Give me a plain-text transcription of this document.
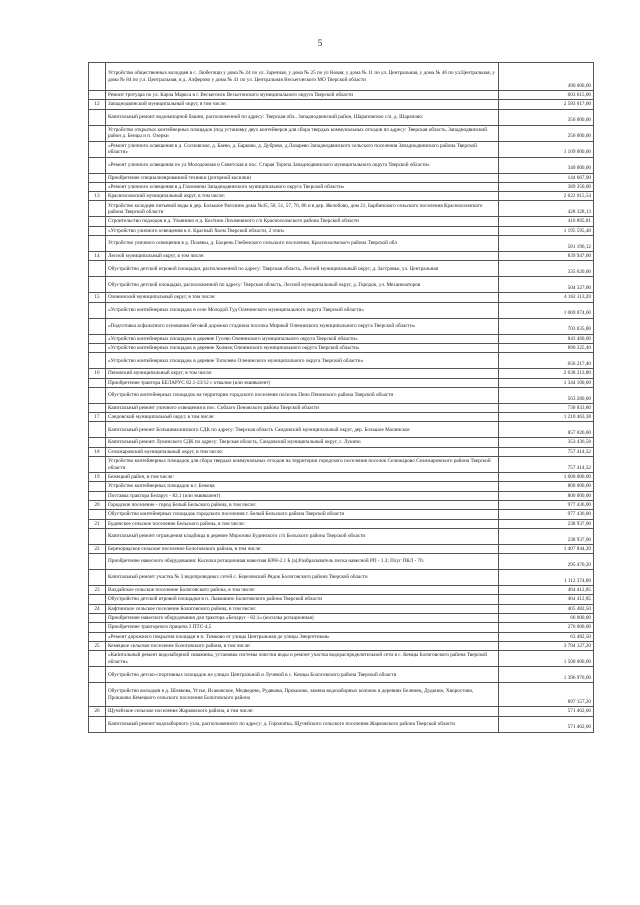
5
	Устройство общественных колодцев в с. Любегощи у дома № 24 по ул. Заречная, у дома № 25 по ул Новая, у дома № 11 по ул. Центральная, у дома № 46 по ул.Центральная, у дома № 84 по у.л. Центральная, в д. Алферово у дома № 41 по ул. Центральная Весьегонского МО Тверской области	490 000,00
	Ремонт тротуара по ул. Карла Маркса в г. Весьегонск Весьегонского муниципального округа Тверской области	603 615,00
12	Западнодвинский муниципальный округ, в том числе:	2 583 017,00
	Капитальный ремонт водонапорной башни, расположенной по адресу: Тверская обл., Западнодвинский район, Шараповское с/п, д. Шарапово:	350 000,00
	Устройство открытых контейнерных площадок (под установку двух контейнеров для сбора твердых коммунальных отходов по адресу: Тверская область, Западнодвинский район д. Бенцы и п. Озерки	250 000,00
	«Ремонт уличного освещения в д. Сосновское, д. Баево, д. Барково, д. Дуброво, д.Лазарево Западнодвинского сельского поселения Западнодвинского района Тверской области»	1 109 000,00
	«Ремонт уличного освещения по ул Молодежная и Советская в пос. Старая Торопа Западнодвинского муниципального округа Тверской области»	340 000,00
	Приобретение специализированной техники (роторной косилки)	144 667,00
	«Ремонт уличного освещения в д.Глазомичи Западнодвинского муниципального округа Тверской области»	389 350,00
13	Краснохолмский муниципальный округ, в том числе:	2 622 015,54
	Устройство колодцев питьевой воды в дер. Большое Рагозино дома №45, 50, 51, 57, 76, 86 и в дер. Желобово, дом 21, Барбинского сельского поселения Краснохолмского района Тверской области	428 328,13
	Строительство подходов в д. Ульянино и д. Костино Лихачевского с/п Краснохолмского района Тверской области	416 895,81
	«Устройство уличного освещения в п. Красный Холм Тверской области, 2 этап»	1 195 595,48
	Устройство уличного освещения в д. Поляны, д. Бахрень Глебенского сельского поселения, Краснохолмского района Тверской обл	581 196,12
14	Лесной муниципальный округ, в том числе:	839 947,00
	Обустройство детской игровой площадки, расположенной по адресу: Тверская область, Лесной муниципальный округ, д. Застровье, ул. Центральная	335 620,00
	Обустройство детской площадки, расположенной по адресу: Тверская область, Лесной муниципальный округ, д. Городок, ул. Механизаторов	504 327,00
15	Оленинский муниципальный округ, в том числе:	4 162 113,20
	«Устройство контейнерных площадок в селе Молодой Туд Оленинского муниципального округа Тверской области»	1 069 074,60
	«Подготовка асфальтного основания беговой дорожки стадиона поселка Мирный Оленинского муниципального округа Тверской области»	703 035,80
	«Устройство контейнерных площадок в деревне Гусево Оленинского муниципального округа Тверской области»	843 460,00
	«Устройство контейнерных площадок в деревне Холмец Оленинского муниципального округа Тверской области»	890 325,40
	«Устройство контейнерных площадок в деревне Тополево Оленинского муниципального округа Тверской области»	656 217,40
16	Пеновский муниципальный округ, в том числе:	2 638 213,80
	Приобретение трактора БЕЛАРУС 82.1-23/12 с отвалом (или эквивалент)	1 344 100,00
	Обустройство контейнерных площадок на территории городского поселения поселок Пено Пеновского района Тверской области	563 280,00
	Капитальный ремонт уличного освещения в пос. Соблаго Пеновского района Тверской области	730 833,80
17	Сандовский муниципальный округ, в том числе:	1 210 463,38
	Капитальный ремонт Большемалинского СДК по адресу: Тверская область Сандовский муниципальный округ, дер. Большое Малинское	857 026,80
	Капитальный ремонт Лукинского СДК по адресу: Тверская область, Сандовский муниципальный округ, с. Лукино	353 436,58
18	Селижаровский муниципальный округ, в том числе:	757 414,32
	Устройство контейнерных площадок для сбора твердых коммунальных отходов на территории городского поселения поселок Селижарово Селижаровского района Тверской области	757 414,32
19	Бежецкий район, в том числе:	1 600 000,00
	Устройство контейнерных площадок в г. Бежецк	800 000,00
	Поставка трактора Беларус - 82.1 (или эквивалент)	800 000,00
20	Городское поселение - город Белый Бельского района, в том числе:	977 436,00
	Обустройство контейнерных площадок городского поселения г. Белый Бельского района Тверской области	977 436,00
21	Будинское сельское поселение Бельского района, в том числе:	238 937,00
	Капитальный ремонт ограждения кладбища в деревне Морозово Будинского с/п Бельского района Тверской области	238 937,00
22	Березорядское сельское поселение Бологовского района, в том числе:	1 407 844,20
	Приобретение навесного оборудования: Косилка ротационная навесная КРН-2.1 Б (а);Разбрасыватель песка навесной РП - 1.3; Плуг ПКЛ - 70.	295 470,20
	Капитальный ремонт участка № 3 водопроводных сетей с. Березовский Рядок Бологовского района Тверской области	1 112 374,00
23	Валдайское сельское поселение Бологовского района, в том числе:	464 412,85
	Обустройство детской игровой площадки в п. Лыкошино Бологовского района Тверской области	464 412,85
24	Кафтинское сельское поселение Бологовского района, в том числе:	405 482,50
	Приобретение навесного оборудования для трактора «Беларус - 82.1» (косилка ротационная)	66 000,00
	Приобретение тракторного прицепа 2 ПТС-4,5	276 000,00
	«Ремонт дорожного покрытия площади в п. Тимково от улицы Центральная до улицы Энергетиков»	63 482,50
25	Кемецкое сельское поселение Бологовского района, в том числе:	3 794 127,20
	«Капитальный ремонт водозаборной скважины, установка системы очистки воды и ремонт участка водораспределительной сети в с. Кемцы Бологовского района Тверской области»	1 500 000,00
	Обустройство детско-спортивных площадок на улицах Центральной и Лучевой в с. Кемцы Бологовского района Тверской области	1 396 970,00
	Обустройство колодцев в д. Шлякова, Устье, Исаковское, Медведево, Рудякова, Прокшово, замена водозаборных колонок в деревнях Белемец, Дудкино, Хворостово, Прокшово Кемецкого сельского поселения Бологовского района	897 157,20
26	Щучейское сельское поселение Жарковского района, в том числе:	571 462,60
	Капитальный ремонт водозаборного узла, расположенного по адресу: д. Горожатка, Щучейского сельского поселения Жарковского района Тверской области	571 462,60
